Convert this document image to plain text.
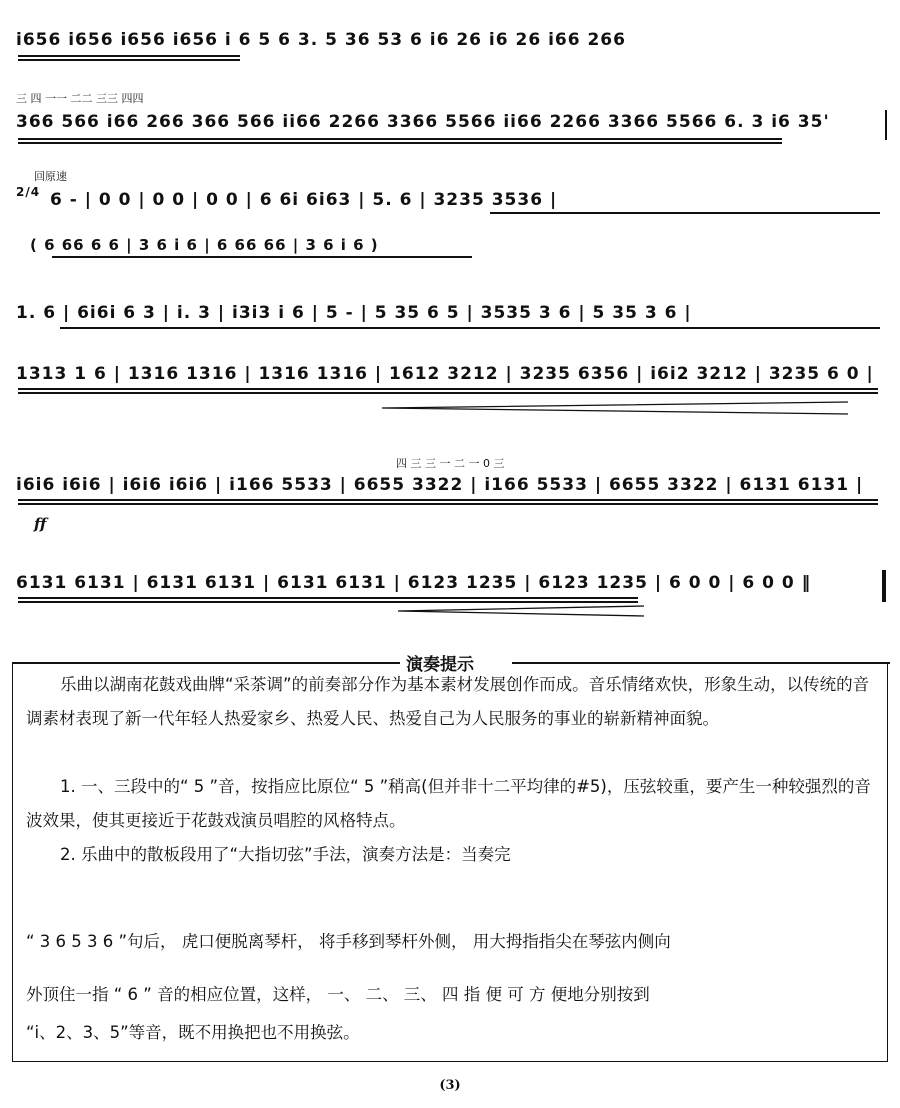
i656 i656 i656 i656 i 6 5 6 3. 5 36 53 6 i6 26 i6 26 i66 266
三 四 一一 二二 三三 四四
366 566 i66 266 366 566 ii66 2266 3366 5566 ii66 2266 3366 5566 6. 3 i6 35'
回原速
2/4 6 - | 0 0 | 0 0 | 0 0 | 6 6i 6i63 | 5. 6 | 3235 3536 |
( 6 66 6 6 | 3 6 i 6 | 6 66 66 | 3 6 i 6 )
1. 6 | 6i6i 6 3 | i. 3 | i3i3 i 6 | 5 - | 5 35 6 5 | 3535 3 6 | 5 35 3 6 |
1313 1 6 | 1316 1316 | 1316 1316 | 1612 3212 | 3235 6356 | i6i2 3212 | 3235 6 0 |
四 三 三 一 二 一 0 三
i6i6 i6i6 | i6i6 i6i6 | i166 5533 | 6655 3322 | i166 5533 | 6655 3322 | 6131 6131 |
ff
6131 6131 | 6131 6131 | 6131 6131 | 6123 1235 | 6123 1235 | 6 0 0 | 6 0 0 ‖
演奏提示
乐曲以湖南花鼓戏曲牌“采茶调”的前奏部分作为基本素材发展创作而成。音乐情绪欢快，形象生动，以传统的音调素材表现了新一代年轻人热爱家乡、热爱人民、热爱自己为人民服务的事业的崭新精神面貌。
1. 一、三段中的“ 5 ”音，按指应比原位“ 5 ”稍高(但并非十二平均律的#5)，压弦较重，要产生一种较强烈的音波效果，使其更接近于花鼓戏演员唱腔的风格特点。
2. 乐曲中的散板段用了“大指切弦”手法，演奏方法是：当奏完
“ 3 6 5 3 6 ”句后， 虎口便脱离琴杆， 将手移到琴杆外侧， 用大拇指指尖在琴弦内侧向
外顶住一指 “ 6 ” 音的相应位置，这样， 一、 二、 三、 四 指 便 可 方 便地分别按到
“i、2、3、5”等音，既不用换把也不用换弦。
(3)
